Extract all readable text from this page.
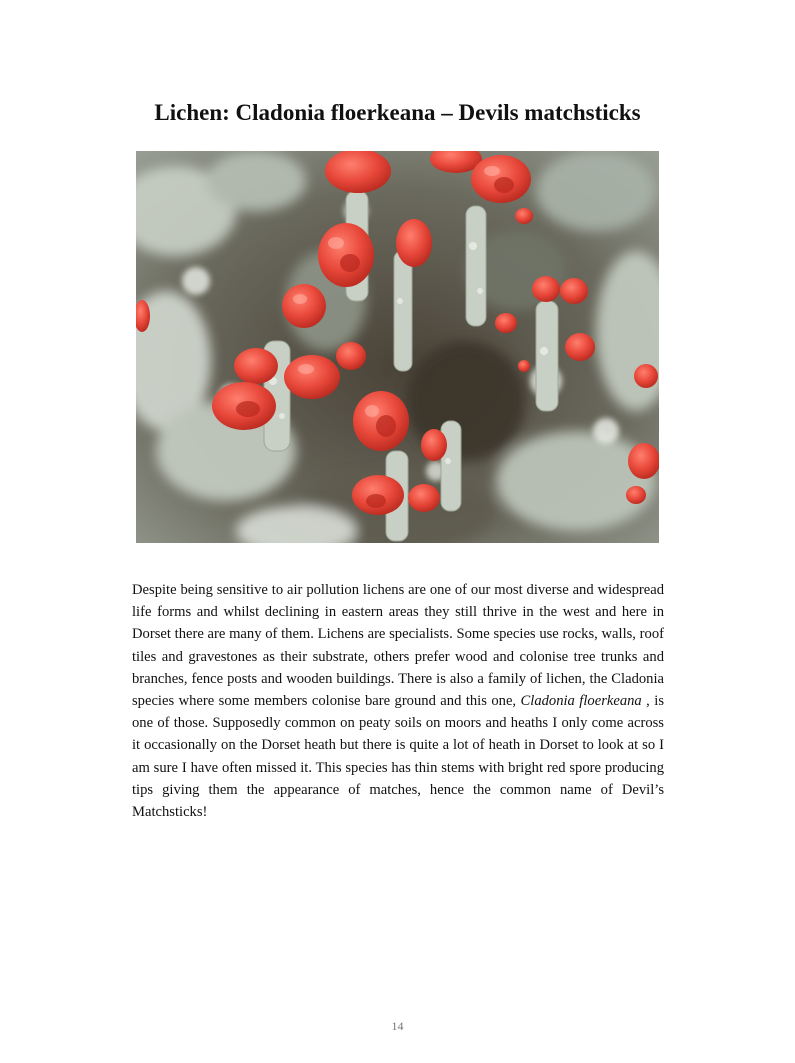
Lichen: Cladonia floerkeana – Devils matchsticks

Despite being sensitive to air pollution lichens are one of our most diverse and widespread life forms and whilst declining in eastern areas they still thrive in the west and here in Dorset there are many of them. Lichens are specialists. Some species use rocks, walls, roof tiles and gravestones as their substrate, others prefer wood and colonise tree trunks and branches, fence posts and wooden buildings. There is also a family of lichen, the Cladonia species where some members colonise bare ground and this one, Cladonia floerkeana , is one of those. Supposedly common on peaty soils on moors and heaths I only come across it occasionally on the Dorset heath but there is quite a lot of heath in Dorset to look at so I am sure I have often missed it. This species has thin stems with bright red spore producing tips giving them the appearance of matches, hence the common name of Devil’s Matchsticks!

14
